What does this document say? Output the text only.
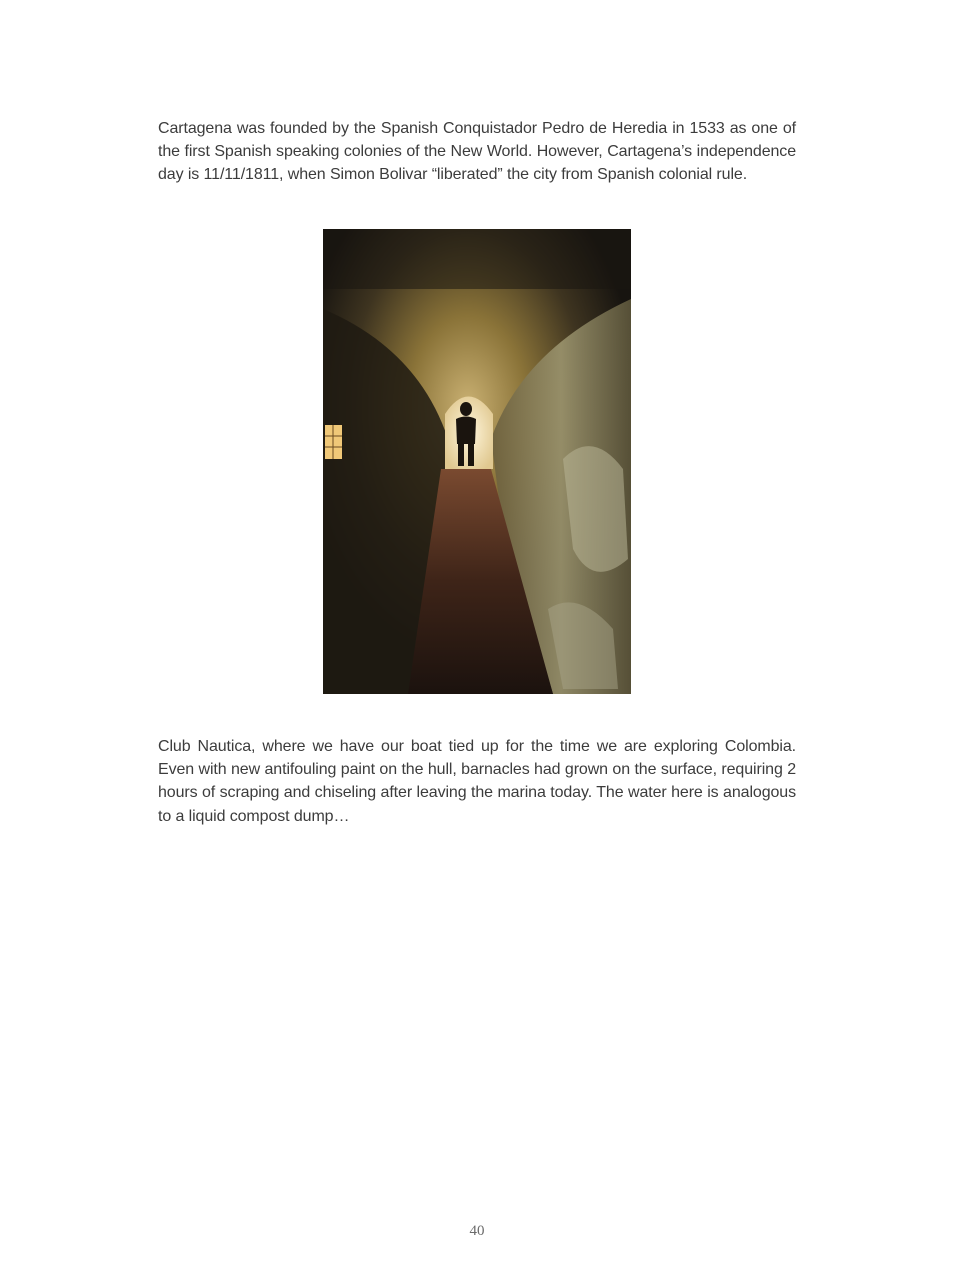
Cartagena was founded by the Spanish Conquistador Pedro de Heredia in 1533 as one of the first Spanish speaking colonies of the New World. However, Cartagena’s independence day is 11/11/1811, when Simon Bolivar “liberated” the city from Spanish colonial rule.

Club Nautica, where we have our boat tied up for the time we are exploring Colombia. Even with new antifouling paint on the hull, barnacles had grown on the surface, requiring 2 hours of scraping and chiseling after leaving the marina today. The water here is analogous to a liquid compost dump…

40
